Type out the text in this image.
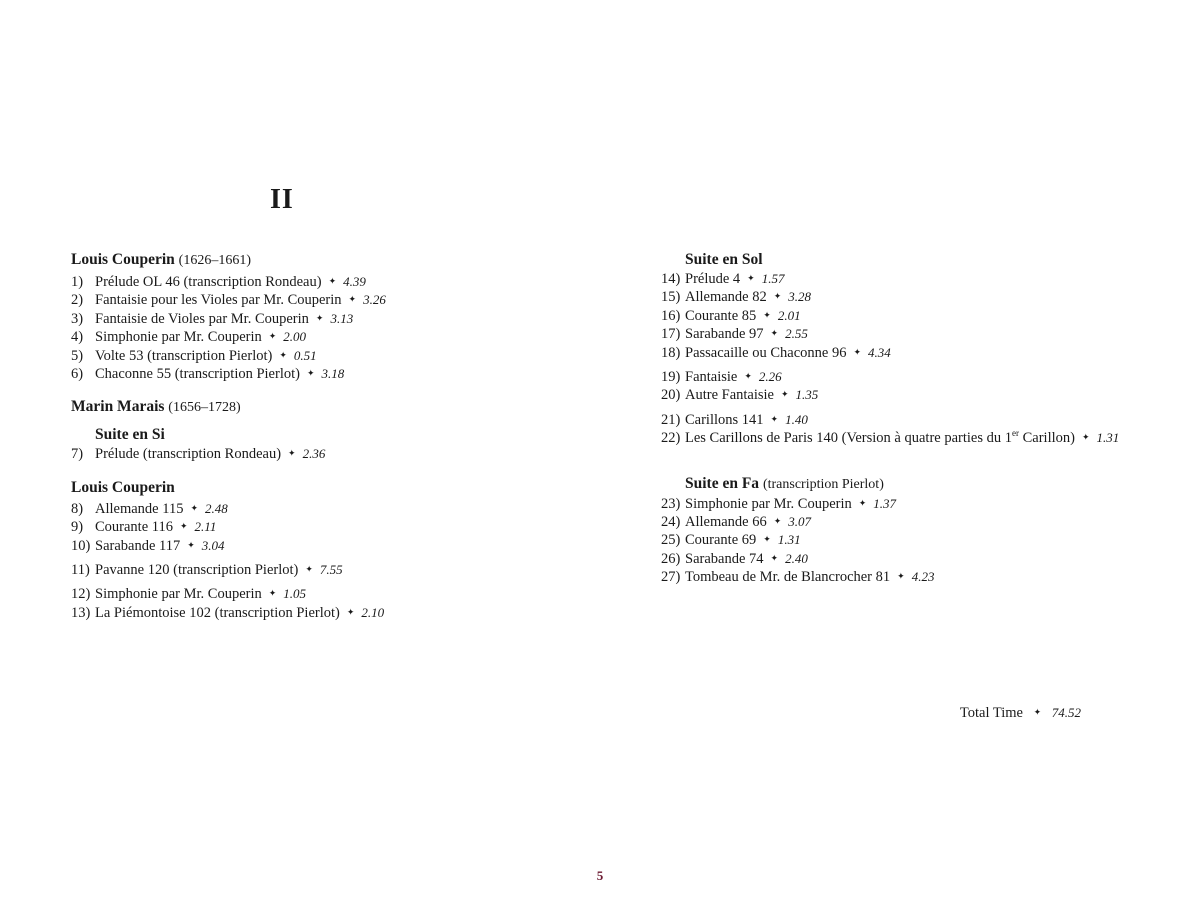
II
Louis Couperin (1626–1661)
1) Prélude OL 46 (transcription Rondeau) ✦ 4.39
2) Fantaisie pour les Violes par Mr. Couperin ✦ 3.26
3) Fantaisie de Violes par Mr. Couperin ✦ 3.13
4) Simphonie par Mr. Couperin ✦ 2.00
5) Volte 53 (transcription Pierlot) ✦ 0.51
6) Chaconne 55 (transcription Pierlot) ✦ 3.18
Marin Marais (1656–1728)
Suite en Si
7) Prélude (transcription Rondeau) ✦ 2.36
Louis Couperin
8) Allemande 115 ✦ 2.48
9) Courante 116 ✦ 2.11
10) Sarabande 117 ✦ 3.04
11) Pavanne 120 (transcription Pierlot) ✦ 7.55
12) Simphonie par Mr. Couperin ✦ 1.05
13) La Piémontoise 102 (transcription Pierlot) ✦ 2.10
Suite en Sol
14) Prélude 4 ✦ 1.57
15) Allemande 82 ✦ 3.28
16) Courante 85 ✦ 2.01
17) Sarabande 97 ✦ 2.55
18) Passacaille ou Chaconne 96 ✦ 4.34
19) Fantaisie ✦ 2.26
20) Autre Fantaisie ✦ 1.35
21) Carillons 141 ✦ 1.40
22) Les Carillons de Paris 140 (Version à quatre parties du 1er Carillon) ✦ 1.31
Suite en Fa (transcription Pierlot)
23) Simphonie par Mr. Couperin ✦ 1.37
24) Allemande 66 ✦ 3.07
25) Courante 69 ✦ 1.31
26) Sarabande 74 ✦ 2.40
27) Tombeau de Mr. de Blancrocher 81 ✦ 4.23
Total Time ✦ 74.52
5
